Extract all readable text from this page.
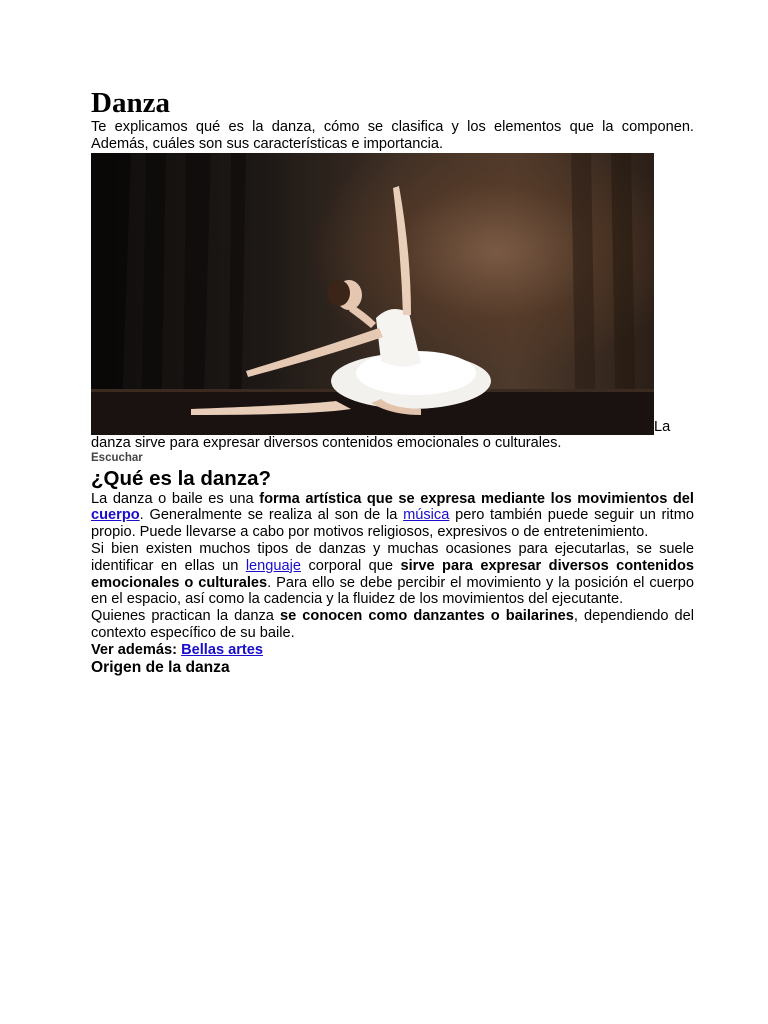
Danza

Te explicamos qué es la danza, cómo se clasifica y los elementos que la componen. Además, cuáles son sus características e importancia.

La

danza sirve para expresar diversos contenidos emocionales o culturales.

Escuchar

¿Qué es la danza?

La danza o baile es una forma artística que se expresa mediante los movimientos del cuerpo. Generalmente se realiza al son de la música pero también puede seguir un ritmo propio. Puede llevarse a cabo por motivos religiosos, expresivos o de entretenimiento.

Si bien existen muchos tipos de danzas y muchas ocasiones para ejecutarlas, se suele identificar en ellas un lenguaje corporal que sirve para expresar diversos contenidos emocionales o culturales. Para ello se debe percibir el movimiento y la posición el cuerpo en el espacio, así como la cadencia y la fluidez de los movimientos del ejecutante.

Quienes practican la danza se conocen como danzantes o bailarines, dependiendo del contexto específico de su baile.

Ver además: Bellas artes

Origen de la danza
